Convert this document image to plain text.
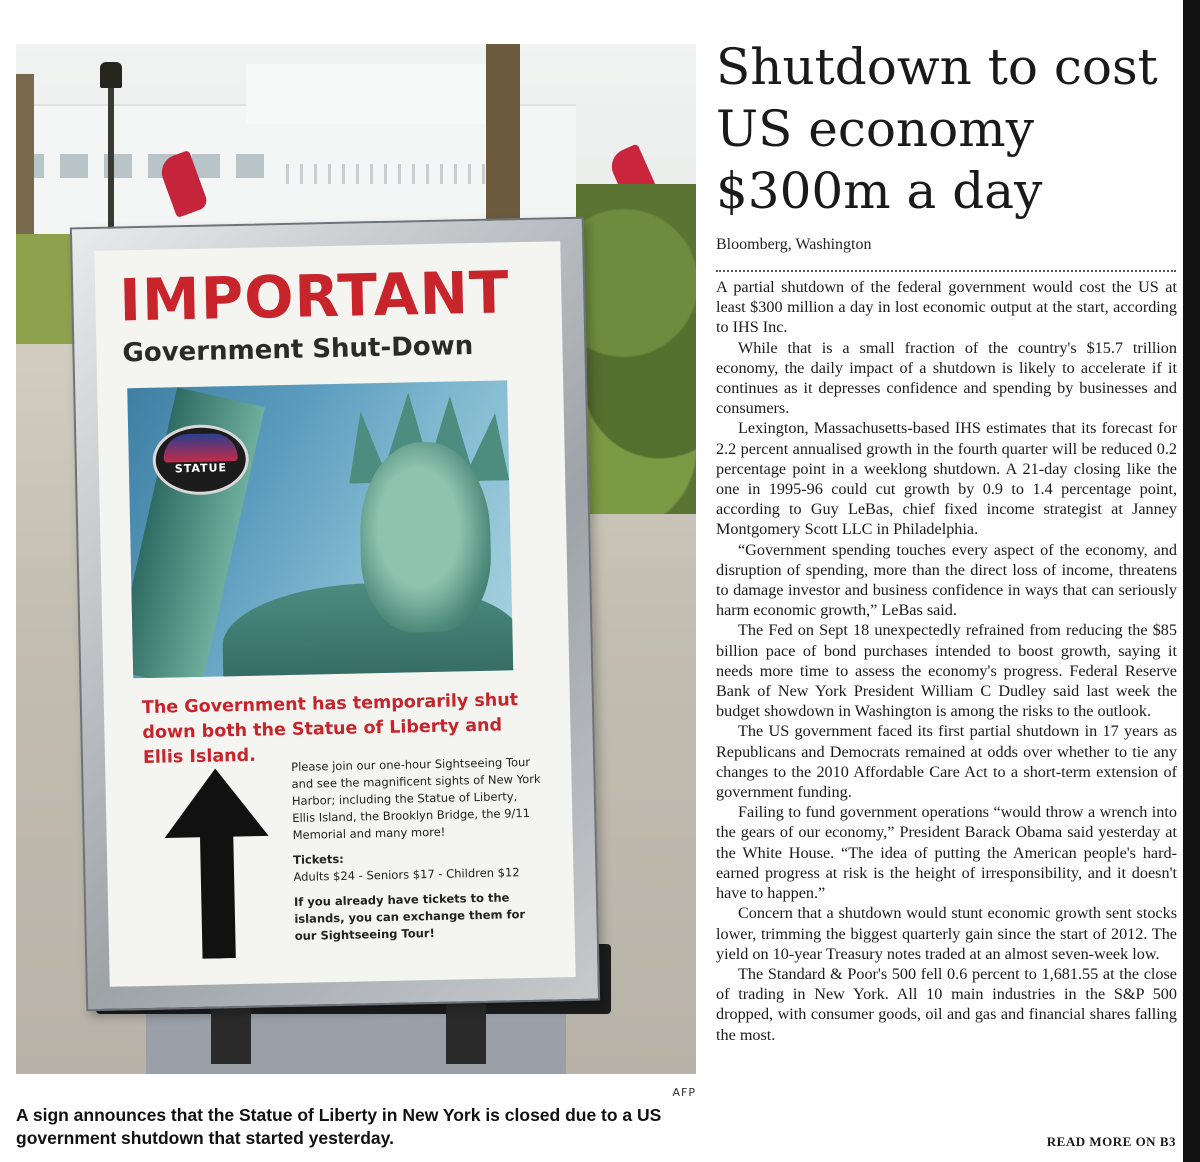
IMPORTANT
Government Shut-Down
STATUE
The Government has temporarily shut down both the Statue of Liberty and Ellis Island.	Please join our one-hour Sightseeing Tour and see the magnificent sights of New York Harbor; including the Statue of Liberty, Ellis Island, the Brooklyn Bridge, the 9/11 Memorial and many more!
Tickets:
Adults $24 - Seniors $17 - Children $12
If you already have tickets to the islands, you can exchange them for our Sightseeing Tour!
AFP
A sign announces that the Statue of Liberty in New York is closed due to a US government shutdown that started yesterday.
Shutdown to cost US economy $300m a day
Bloomberg, Washington

A partial shutdown of the federal government would cost the US at least $300 million a day in lost economic output at the start, according to IHS Inc.

While that is a small fraction of the country's $15.7 trillion economy, the daily impact of a shutdown is likely to accelerate if it continues as it depresses confidence and spending by businesses and consumers.

Lexington, Massachusetts-based IHS estimates that its forecast for 2.2 percent annualised growth in the fourth quarter will be reduced 0.2 percentage point in a weeklong shutdown. A 21-day closing like the one in 1995-96 could cut growth by 0.9 to 1.4 percentage point, according to Guy LeBas, chief fixed income strategist at Janney Montgomery Scott LLC in Philadelphia.

“Government spending touches every aspect of the economy, and disruption of spending, more than the direct loss of income, threatens to damage investor and business confidence in ways that can seriously harm economic growth,” LeBas said.

The Fed on Sept 18 unexpectedly refrained from reducing the $85 billion pace of bond purchases intended to boost growth, saying it needs more time to assess the economy's progress. Federal Reserve Bank of New York President William C Dudley said last week the budget showdown in Washington is among the risks to the outlook.

The US government faced its first partial shutdown in 17 years as Republicans and Democrats remained at odds over whether to tie any changes to the 2010 Affordable Care Act to a short-term extension of government funding.

Failing to fund government operations “would throw a wrench into the gears of our economy,” President Barack Obama said yesterday at the White House. “The idea of putting the American people's hard-earned progress at risk is the height of irresponsibility, and it doesn't have to happen.”

Concern that a shutdown would stunt economic growth sent stocks lower, trimming the biggest quarterly gain since the start of 2012. The yield on 10-year Treasury notes traded at an almost seven-week low.

The Standard & Poor's 500 fell 0.6 percent to 1,681.55 at the close of trading in New York. All 10 main industries in the S&P 500 dropped, with consumer goods, oil and gas and financial shares falling the most.

READ MORE ON B3
